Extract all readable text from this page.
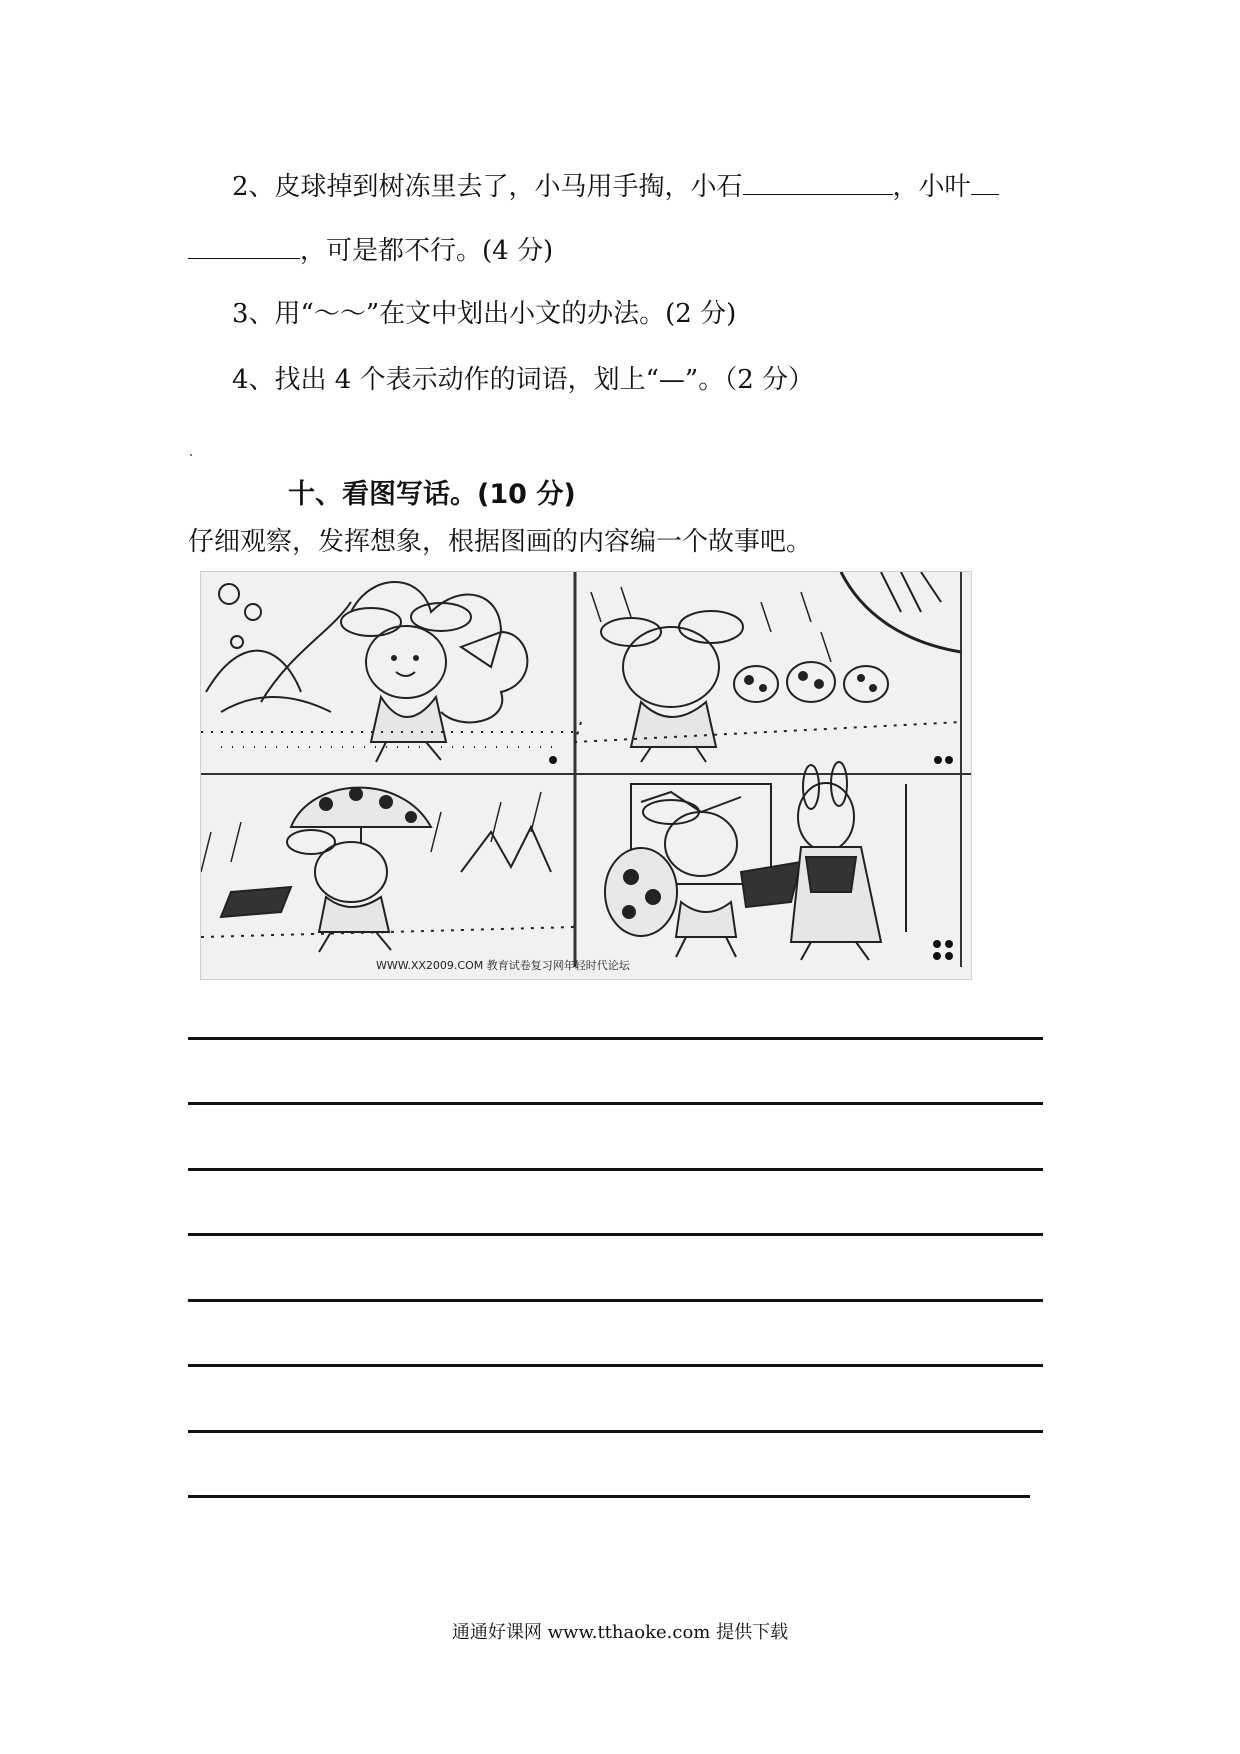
2、皮球掉到树冻里去了，小马用手掏，小石	，小叶
，可是都不行。(4 分)
3、用“～～”在文中划出小文的办法。(2 分)
4、找出 4 个表示动作的词语，划上“—”。（2 分）
十、看图写话。(10 分)
仔细观察，发挥想象，根据图画的内容编一个故事吧。
WWW.XX2009.COM 教育试卷复习网年轻时代论坛
通通好课网 www.tthaoke.com 提供下载
